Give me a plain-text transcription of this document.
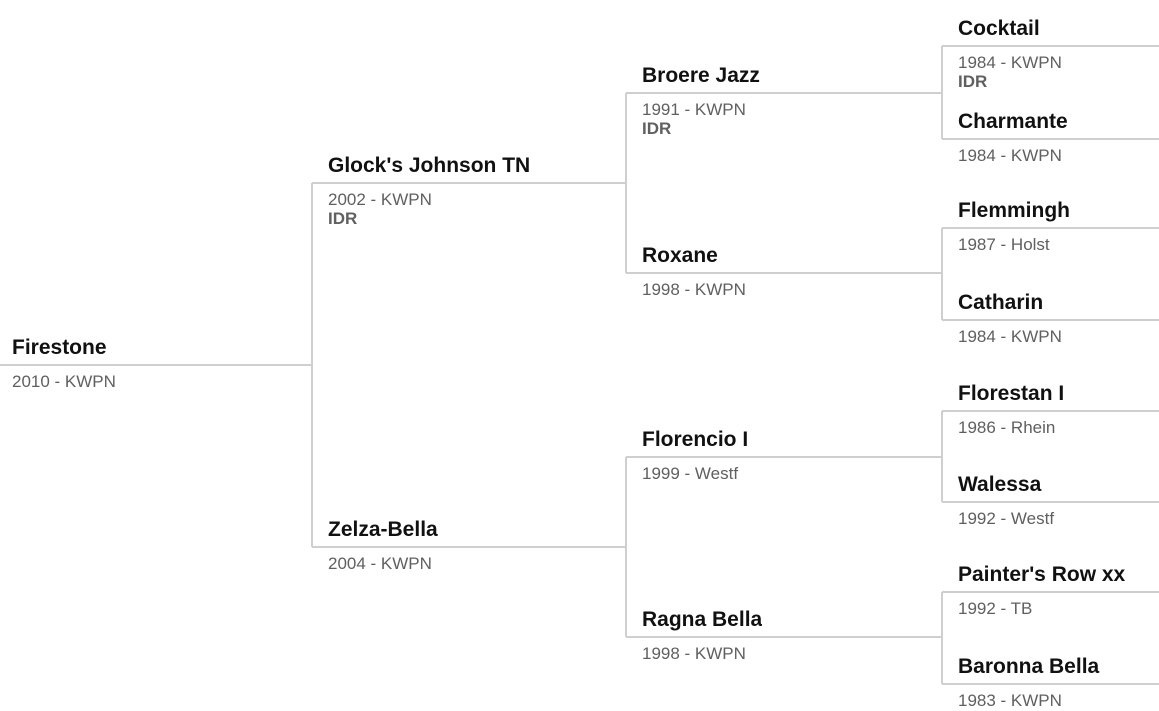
Firestone
2010 - KWPN
Glock's Johnson TN
2002 - KWPN
IDR
Zelza-Bella
2004 - KWPN
Broere Jazz
1991 - KWPN
IDR
Roxane
1998 - KWPN
Florencio I
1999 - Westf
Ragna Bella
1998 - KWPN
Cocktail
1984 - KWPN
IDR
Charmante
1984 - KWPN
Flemmingh
1987 - Holst
Catharin
1984 - KWPN
Florestan I
1986 - Rhein
Walessa
1992 - Westf
Painter's Row xx
1992 - TB
Baronna Bella
1983 - KWPN
